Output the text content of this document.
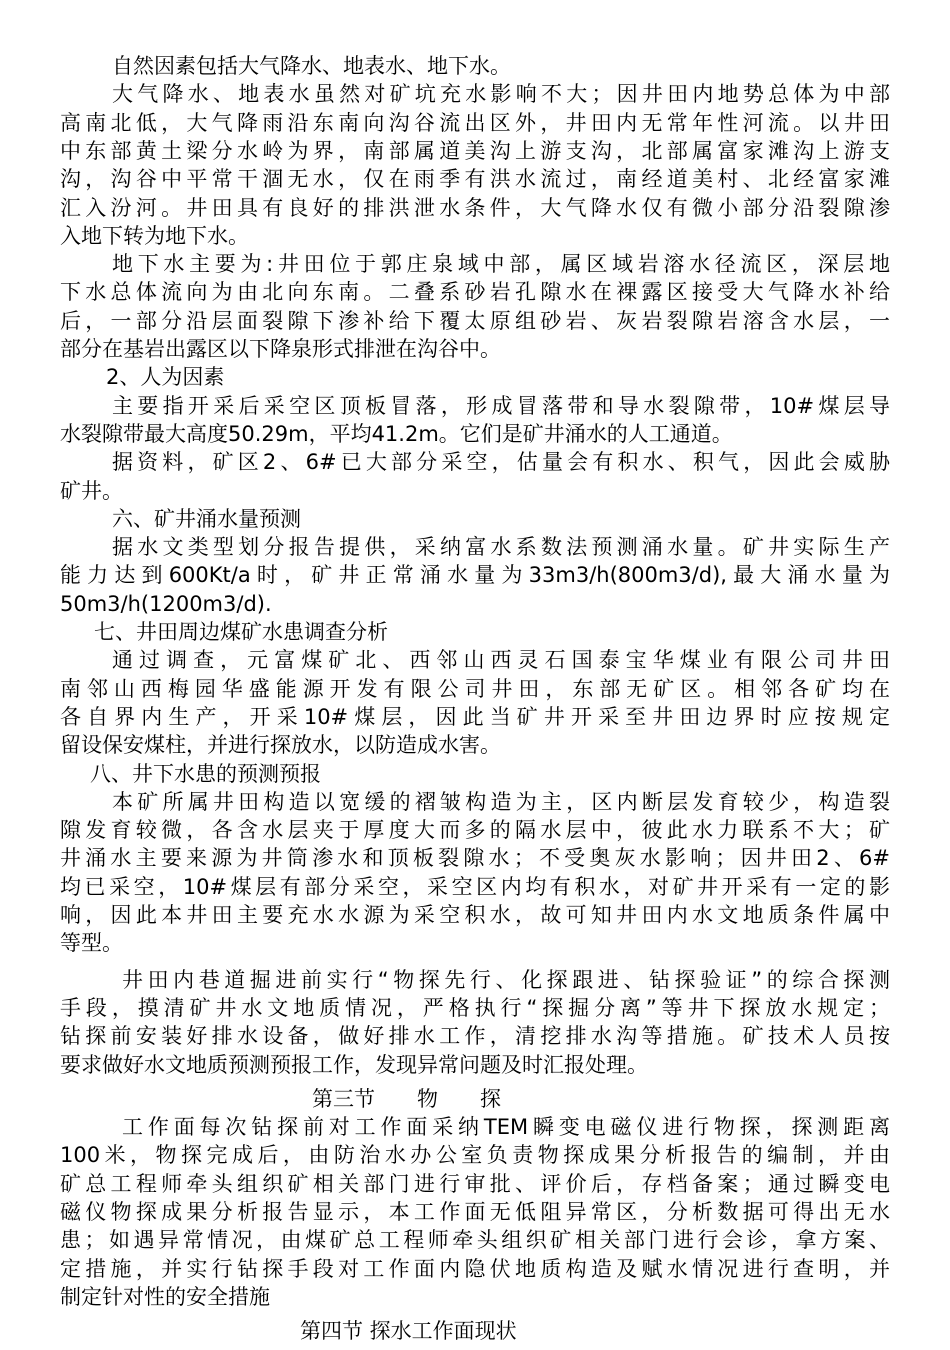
自然因素包括大气降水、地表水、地下水。
大气降水、地表水虽然对矿坑充水影响不大；因井田内地势总体为中部
高南北低，大气降雨沿东南向沟谷流出区外，井田内无常年性河流。以井田
中东部黄土梁分水岭为界，南部属道美沟上游支沟，北部属富家滩沟上游支
沟，沟谷中平常干涸无水，仅在雨季有洪水流过，南经道美村、北经富家滩
汇入汾河。井田具有良好的排洪泄水条件，大气降水仅有微小部分沿裂隙渗
入地下转为地下水。
地下水主要为:井田位于郭庄泉域中部，属区域岩溶水径流区，深层地
下水总体流向为由北向东南。二叠系砂岩孔隙水在裸露区接受大气降水补给
后，一部分沿层面裂隙下渗补给下覆太原组砂岩、灰岩裂隙岩溶含水层，一
部分在基岩出露区以下降泉形式排泄在沟谷中。
2、人为因素
主要指开采后采空区顶板冒落，形成冒落带和导水裂隙带，10#煤层导
水裂隙带最大高度50.29m，平均41.2m。它们是矿井涌水的人工通道。
据资料，矿区2、6#已大部分采空，估量会有积水、积气，因此会威胁
矿井。
六、矿井涌水量预测
据水文类型划分报告提供，采纳富水系数法预测涌水量。矿井实际生产
能力达到600Kt/a时，矿井正常涌水量为33m3/h(800m3/d),最大涌水量为
50m3/h(1200m3/d).
七、井田周边煤矿水患调查分析
通过调查，元富煤矿北、西邻山西灵石国泰宝华煤业有限公司井田
南邻山西梅园华盛能源开发有限公司井田，东部无矿区。相邻各矿均在
各自界内生产，开采10#煤层，因此当矿井开采至井田边界时应按规定
留设保安煤柱，并进行探放水，以防造成水害。
八、井下水患的预测预报
本矿所属井田构造以宽缓的褶皱构造为主，区内断层发育较少，构造裂
隙发育较微，各含水层夹于厚度大而多的隔水层中，彼此水力联系不大；矿
井涌水主要来源为井筒渗水和顶板裂隙水；不受奥灰水影响；因井田2、6#
均已采空，10#煤层有部分采空，采空区内均有积水，对矿井开采有一定的影
响，因此本井田主要充水水源为采空积水，故可知井田内水文地质条件属中
等型。
井田内巷道掘进前实行“物探先行、化探跟进、钻探验证”的综合探测
手段，摸清矿井水文地质情况，严格执行“探掘分离”等井下探放水规定；
钻探前安装好排水设备，做好排水工作，清挖排水沟等措施。矿技术人员按
要求做好水文地质预测预报工作，发现异常问题及时汇报处理。
第三节　　物　　探
工作面每次钻探前对工作面采纳TEM瞬变电磁仪进行物探，探测距离
100米，物探完成后，由防治水办公室负责物探成果分析报告的编制，并由
矿总工程师牵头组织矿相关部门进行审批、评价后，存档备案；通过瞬变电
磁仪物探成果分析报告显示，本工作面无低阻异常区，分析数据可得出无水
患；如遇异常情况，由煤矿总工程师牵头组织矿相关部门进行会诊，拿方案、
定措施，并实行钻探手段对工作面内隐伏地质构造及赋水情况进行查明，并
制定针对性的安全措施
第四节 探水工作面现状
